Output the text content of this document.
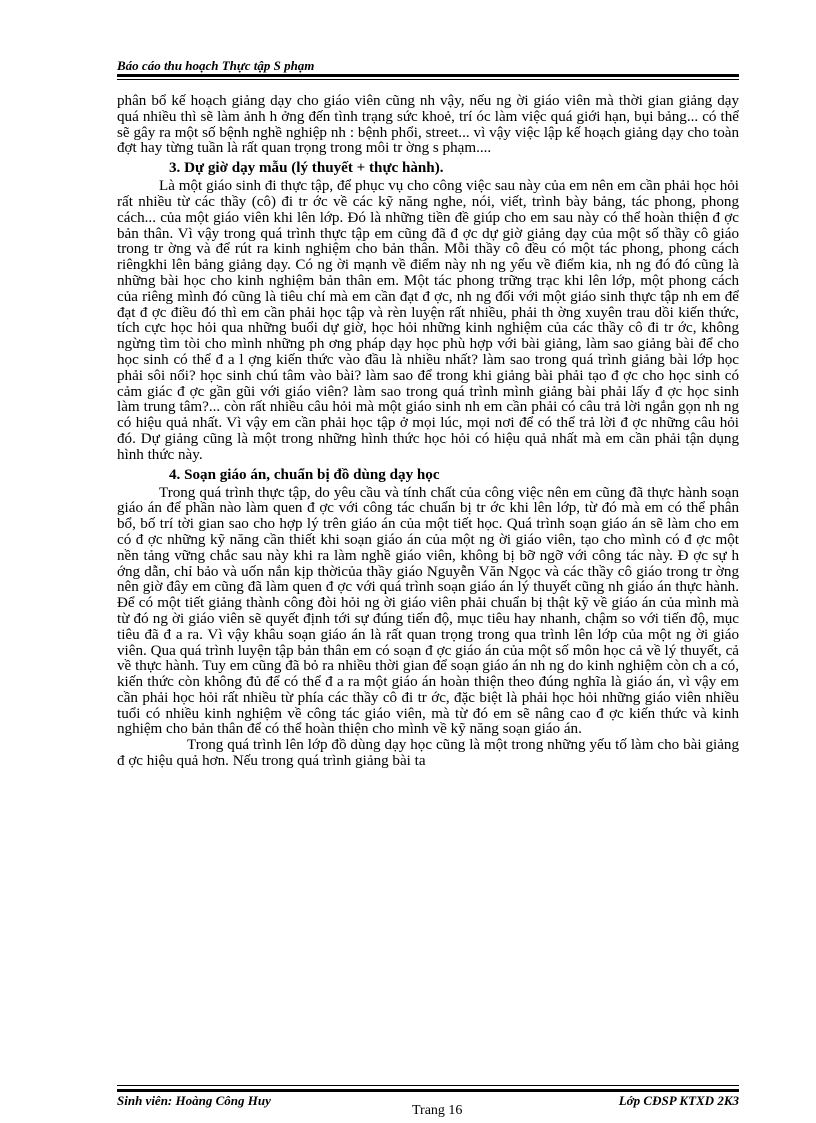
Báo cáo thu hoạch Thực tập S phạm

phân bổ kế hoạch giảng dạy cho giáo viên cũng nh vậy, nếu ng ời giáo viên mà thời gian giảng dạy quá nhiều thì sẽ làm ảnh h ởng đến tình trạng sức khoẻ, trí óc làm việc quá giới hạn, bụi bảng... có thể sẽ gây ra một số bệnh nghề nghiệp nh : bệnh phổi, street... vì vậy việc lập kế hoạch giảng dạy cho toàn đợt hay từng tuần là rất quan trọng trong môi tr ờng s phạm....

3. Dự giờ dạy mẫu (lý thuyết + thực hành).

Là một giáo sinh đi thực tập, để phục vụ cho công việc sau này của em nên em cần phải học hỏi rất nhiều từ các thầy (cô) đi tr ớc về các kỹ năng nghe, nói, viết, trình bày bảng, tác phong, phong cách... của một giáo viên khi lên lớp. Đó là những tiền đề giúp cho em sau này có thể hoàn thiện đ ợc bản thân. Vì vậy trong quá trình thực tập em cũng đã đ ợc dự giờ giảng dạy của một số thầy cô giáo trong tr ờng và để rút ra kinh nghiệm cho bản thân. Mỗi thầy cô đều có một tác phong, phong cách riêngkhi lên bảng giảng dạy. Có ng ời mạnh về điểm này nh ng yếu về điểm kia, nh ng đó đó cũng là những bài học cho kinh nghiệm bản thân em. Một tác phong trững trạc khi lên lớp, một phong cách của riêng mình đó cũng là tiêu chí mà em cần đạt đ ợc, nh ng đối với một giáo sinh thực tập nh em để đạt đ ợc điều đó thì em cần phải học tập và rèn luyện rất nhiều, phải th ờng xuyên trau dồi kiến thức, tích cực học hỏi qua những buổi dự giờ, học hỏi những kinh nghiệm của các thầy cô đi tr ớc, không ngừng tìm tòi cho mình những ph ơng pháp dạy học phù hợp với bài giảng, làm sao giảng bài để cho học sinh có thể đ a l ợng kiến thức vào đầu là nhiều nhất? làm sao trong quá trình giảng bài lớp học phải sôi nổi? học sinh chú tâm vào bài? làm sao để trong khi giảng bài phải tạo đ ợc cho học sinh có cảm giác đ ợc gần gũi với giáo viên? làm sao trong quá trình mình giảng bài phải lấy đ ợc học sinh làm trung tâm?... còn rất nhiều câu hỏi mà một giáo sinh nh em cần phải có câu trả lời ngắn gọn nh ng có hiệu quả nhất. Vì vậy em cần phải học tập ở mọi lúc, mọi nơi để có thể trả lời đ ợc những câu hỏi đó. Dự giảng cũng là một trong những hình thức học hỏi có hiệu quả nhất mà em cần phải tận dụng hình thức này.

4. Soạn giáo án, chuẩn bị đồ dùng dạy học

Trong quá trình thực tập, do yêu cầu và tính chất của công việc nên em cũng đã thực hành soạn giáo án để phần nào làm quen đ ợc với công tác chuẩn bị tr ớc khi lên lớp, từ đó mà em có thể phân bổ, bố trí tời gian sao cho hợp lý trên giáo án của một tiết học. Quá trình soạn giáo án sẽ làm cho em có đ ợc những kỹ năng cần thiết khi soạn giáo án của một ng ời giáo viên, tạo cho mình có đ ợc một nền tảng vững chắc sau này khi ra làm nghề giáo viên, không bị bỡ ngỡ với công tác này. Đ ợc sự h ớng dẫn, chỉ bảo và uốn nắn kịp thờicủa thầy giáo Nguyễn Văn Ngọc và các thầy cô giáo trong tr ờng nên giờ đây em cũng đã làm quen đ ợc với quá trình soạn giáo án lý thuyết cũng nh giáo án thực hành. Để có một tiết giảng thành công đòi hỏi ng ời giáo viên phải chuẩn bị thật kỹ về giáo án của mình mà từ đó ng ời giáo viên sẽ quyết định tới sự đúng tiến độ, mục tiêu hay nhanh, chậm so với tiến độ, mục tiêu đã đ a ra. Vì vậy khâu soạn giáo án là rất quan trọng trong qua trình lên lớp của một ng ời giáo viên. Qua quá trình luyện tập bản thân em có soạn đ ợc giáo án của một số môn học cả về lý thuyết, cả về thực hành. Tuy em cũng đã bỏ ra nhiều thời gian để soạn giáo án nh ng do kinh nghiệm còn ch a có, kiến thức còn không đủ để có thể đ a ra một giáo án hoàn thiện theo đúng nghĩa là giáo án, vì vậy em cần phải học hỏi rất nhiều từ phía các thầy cô đi tr ớc, đặc biệt là phải học hỏi những giáo viên nhiều tuổi có nhiều kinh nghiệm về công tác giáo viên, mà từ đó em sẽ nâng cao đ ợc kiến thức và kinh nghiệm cho bản thân để có thể hoàn thiện cho mình về kỹ năng soạn giáo án.

Trong quá trình lên lớp đồ dùng dạy học cũng là một trong những yếu tố làm cho bài giảng đ ợc hiệu quả hơn. Nếu trong quá trình giảng bài ta

Sinh viên: Hoàng Công Huy
Trang 16
Lớp CĐSP KTXD 2K3
